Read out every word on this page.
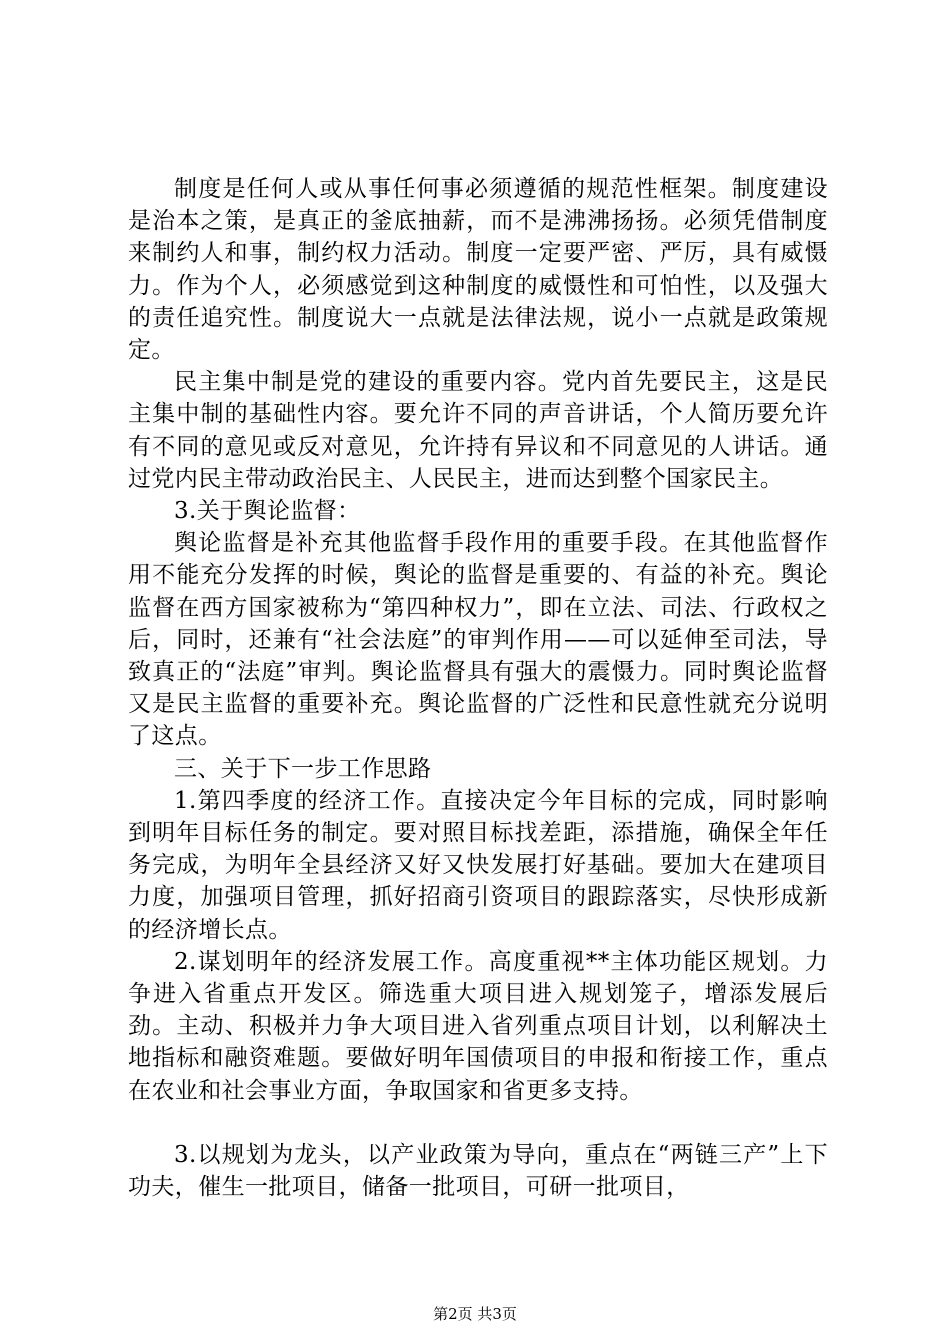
制度是任何人或从事任何事必须遵循的规范性框架。制度建设是治本之策，是真正的釜底抽薪，而不是沸沸扬扬。必须凭借制度来制约人和事，制约权力活动。制度一定要严密、严厉，具有威慑力。作为个人，必须感觉到这种制度的威慑性和可怕性，以及强大的责任追究性。制度说大一点就是法律法规，说小一点就是政策规定。

民主集中制是党的建设的重要内容。党内首先要民主，这是民主集中制的基础性内容。要允许不同的声音讲话，个人简历要允许有不同的意见或反对意见，允许持有异议和不同意见的人讲话。通过党内民主带动政治民主、人民民主，进而达到整个国家民主。

3.关于舆论监督：

舆论监督是补充其他监督手段作用的重要手段。在其他监督作用不能充分发挥的时候，舆论的监督是重要的、有益的补充。舆论监督在西方国家被称为“第四种权力”，即在立法、司法、行政权之后，同时，还兼有“社会法庭”的审判作用——可以延伸至司法，导致真正的“法庭”审判。舆论监督具有强大的震慑力。同时舆论监督又是民主监督的重要补充。舆论监督的广泛性和民意性就充分说明了这点。

三、关于下一步工作思路

1.第四季度的经济工作。直接决定今年目标的完成，同时影响到明年目标任务的制定。要对照目标找差距，添措施，确保全年任务完成，为明年全县经济又好又快发展打好基础。要加大在建项目力度，加强项目管理，抓好招商引资项目的跟踪落实，尽快形成新的经济增长点。

2.谋划明年的经济发展工作。高度重视**主体功能区规划。力争进入省重点开发区。筛选重大项目进入规划笼子，增添发展后劲。主动、积极并力争大项目进入省列重点项目计划，以利解决土地指标和融资难题。要做好明年国债项目的申报和衔接工作，重点在农业和社会事业方面，争取国家和省更多支持。

3.以规划为龙头，以产业政策为导向，重点在“两链三产”上下功夫，催生一批项目，储备一批项目，可研一批项目，

第2页 共3页
